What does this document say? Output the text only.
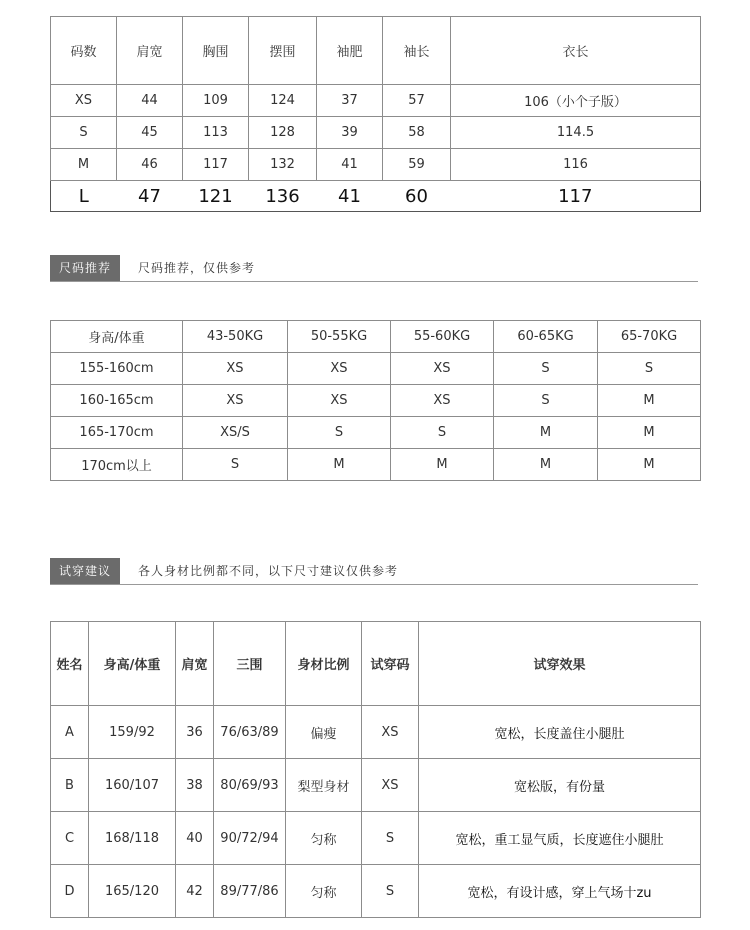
码数	肩宽	胸围	摆围	袖肥	袖长	衣长
XS	44	109	124	37	57	106（小个子版）
S	45	113	128	39	58	114.5
M	46	117	132	41	59	116
L	47	121	136	41	60	117
尺码推荐	尺码推荐，仅供参考
身高/体重	43-50KG	50-55KG	55-60KG	60-65KG	65-70KG
155-160cm	XS	XS	XS	S	S
160-165cm	XS	XS	XS	S	M
165-170cm	XS/S	S	S	M	M
170cm以上	S	M	M	M	M
试穿建议	各人身材比例都不同，以下尺寸建议仅供参考
姓名	身高/体重	肩宽	三围	身材比例	试穿码	试穿效果
A	159/92	36	76/63/89	偏瘦	XS	宽松，长度盖住小腿肚
B	160/107	38	80/69/93	梨型身材	XS	宽松版，有份量
C	168/118	40	90/72/94	匀称	S	宽松，重工显气质，长度遮住小腿肚
D	165/120	42	89/77/86	匀称	S	宽松，有设计感，穿上气场十zu
